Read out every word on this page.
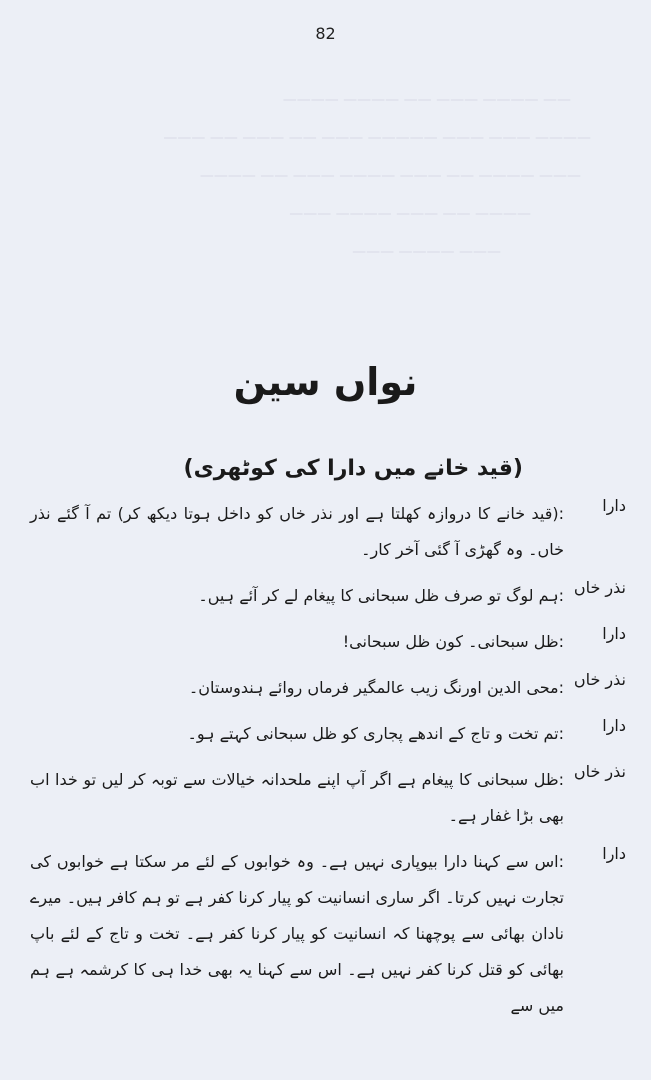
82
—— ———— ——— —— ———— ————
———— ——— ——— ————— ——— —— ——— —— ———
——— ———— —— ——— ———— ——— —— ————
———— —— ——— ———— ———
——— ———— ———
نواں سین
(قید خانے میں دارا کی کوٹھری)
دارا
:(قید خانے کا دروازہ کھلتا ہے اور نذر خاں کو داخل ہوتا دیکھ کر) تم آ گئے نذر خاں۔ وہ گھڑی آ گئی آخر کار۔
نذر خاں
:ہم لوگ تو صرف ظل سبحانی کا پیغام لے کر آئے ہیں۔
دارا
:ظل سبحانی۔ کون ظل سبحانی!
نذر خاں
:محی الدین اورنگ زیب عالمگیر فرماں روائے ہندوستان۔
دارا
:تم تخت و تاج کے اندھے پجاری کو ظل سبحانی کہتے ہو۔
نذر خاں
:ظل سبحانی کا پیغام ہے اگر آپ اپنے ملحدانہ خیالات سے توبہ کر لیں تو خدا اب بھی بڑا غفار ہے۔
دارا
:اس سے کہنا دارا بیوپاری نہیں ہے۔ وہ خوابوں کے لئے مر سکتا ہے خوابوں کی تجارت نہیں کرتا۔ اگر ساری انسانیت کو پیار کرنا کفر ہے تو ہم کافر ہیں۔ میرے نادان بھائی سے پوچھنا کہ انسانیت کو پیار کرنا کفر ہے۔ تخت و تاج کے لئے باپ بھائی کو قتل کرنا کفر نہیں ہے۔ اس سے کہنا یہ بھی خدا ہی کا کرشمہ ہے ہم میں سے
